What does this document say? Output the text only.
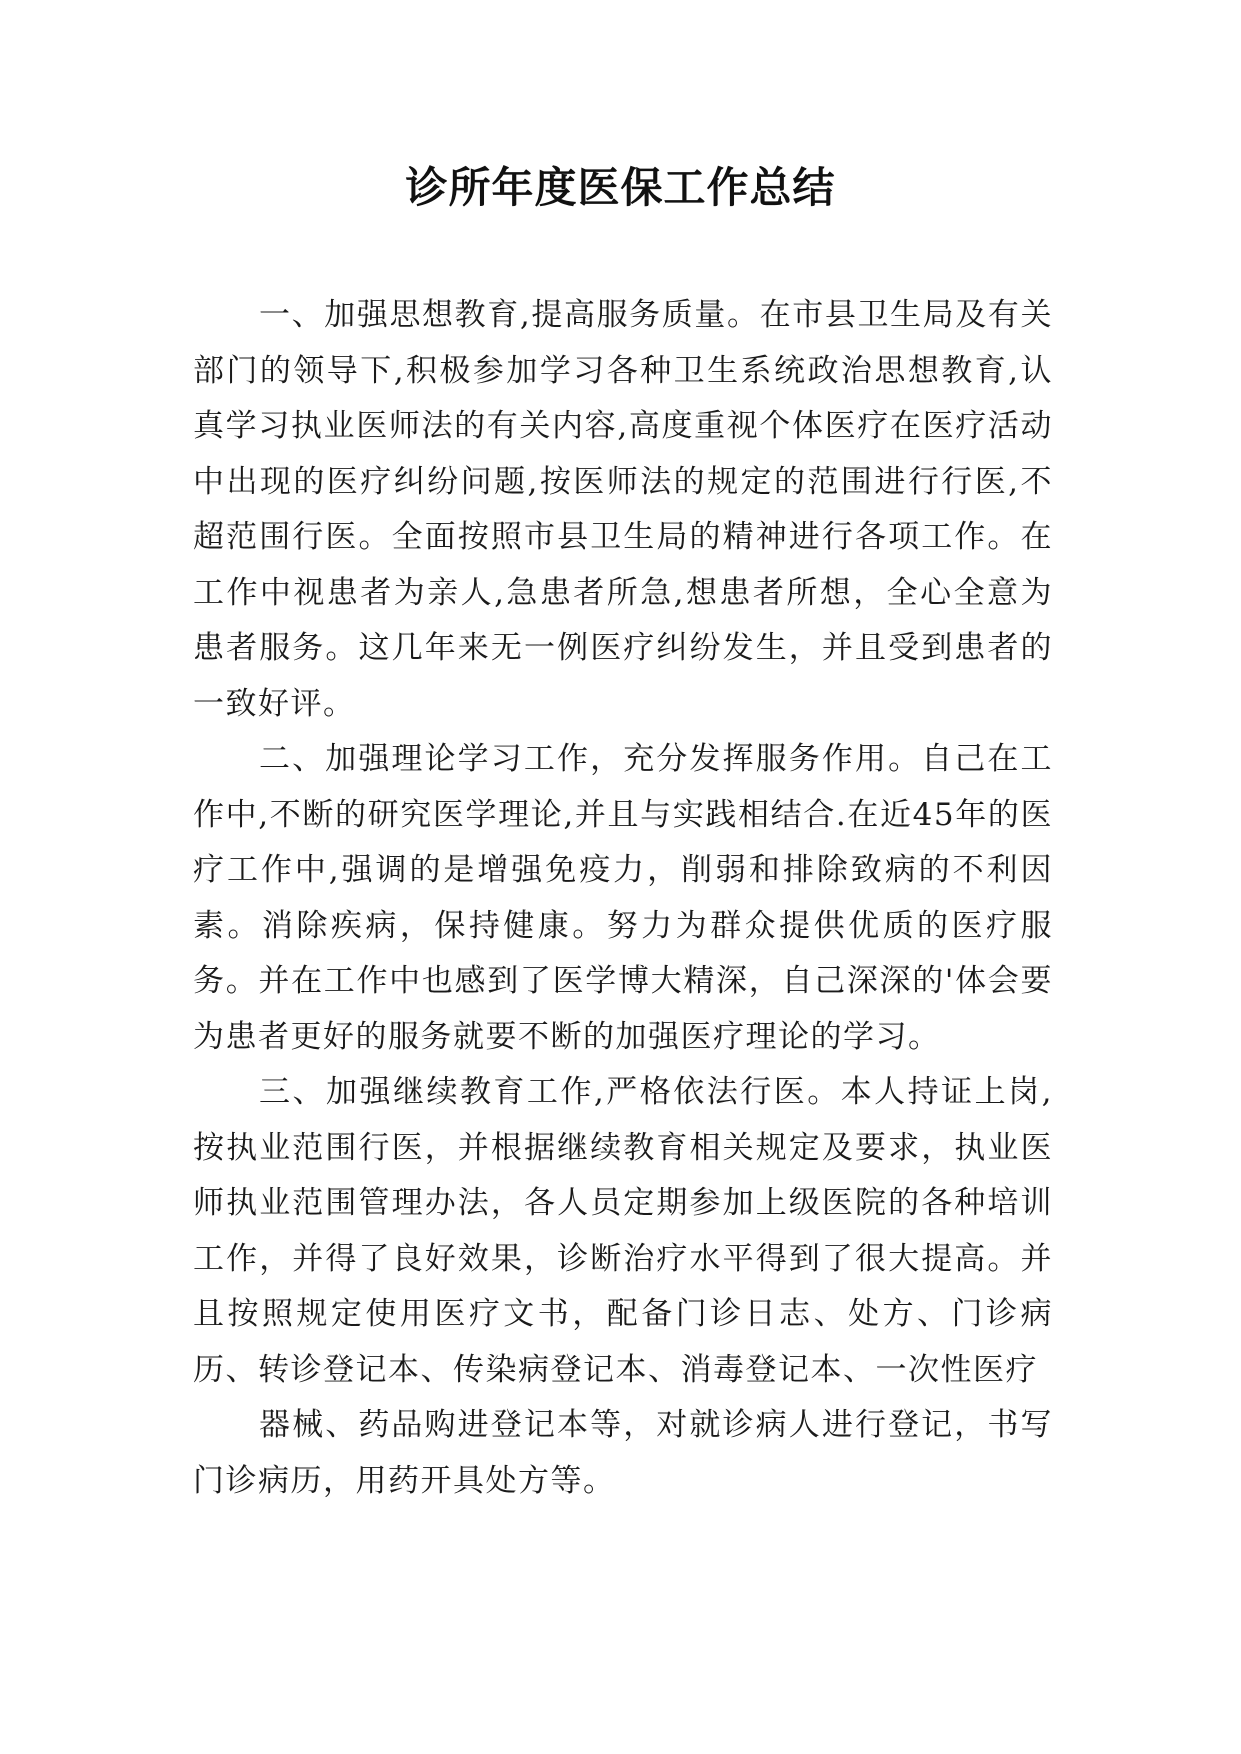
诊所年度医保工作总结

一、加强思想教育,提高服务质量。在市县卫生局及有关部门的领导下,积极参加学习各种卫生系统政治思想教育,认真学习执业医师法的有关内容,高度重视个体医疗在医疗活动中出现的医疗纠纷问题,按医师法的规定的范围进行行医,不超范围行医。全面按照市县卫生局的精神进行各项工作。在工作中视患者为亲人,急患者所急,想患者所想，全心全意为患者服务。这几年来无一例医疗纠纷发生，并且受到患者的一致好评。

二、加强理论学习工作，充分发挥服务作用。自己在工作中,不断的研究医学理论,并且与实践相结合.在近45年的医疗工作中,强调的是增强免疫力，削弱和排除致病的不利因素。消除疾病，保持健康。努力为群众提供优质的医疗服务。并在工作中也感到了医学博大精深，自己深深的'体会要为患者更好的服务就要不断的加强医疗理论的学习。

三、加强继续教育工作,严格依法行医。本人持证上岗,按执业范围行医，并根据继续教育相关规定及要求，执业医师执业范围管理办法，各人员定期参加上级医院的各种培训工作，并得了良好效果，诊断治疗水平得到了很大提高。并且按照规定使用医疗文书，配备门诊日志、处方、门诊病历、转诊登记本、传染病登记本、消毒登记本、一次性医疗

器械、药品购进登记本等，对就诊病人进行登记，书写门诊病历，用药开具处方等。
